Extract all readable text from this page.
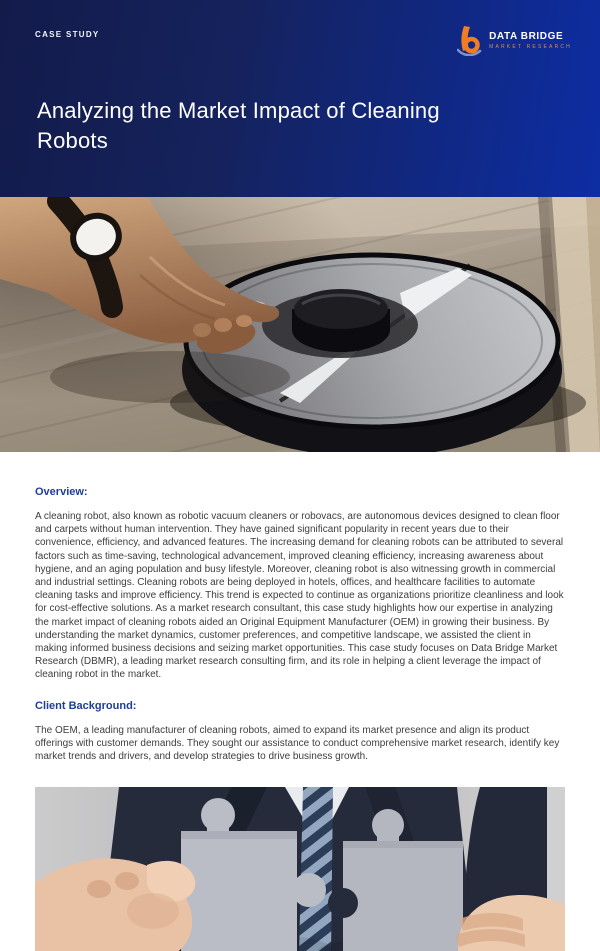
CASE STUDY	DATA BRIDGE
MARKET RESEARCH
Analyzing the Market Impact of Cleaning Robots
Overview:

A cleaning robot, also known as robotic vacuum cleaners or robovacs, are autonomous devices designed to clean floor and carpets without human intervention. They have gained significant popularity in recent years due to their convenience, efficiency, and advanced features. The increasing demand for cleaning robots can be attributed to several factors such as time-saving, technological advancement, improved cleaning efficiency, increasing awareness about hygiene, and an aging population and busy lifestyle. Moreover, cleaning robot is also witnessing growth in commercial and industrial settings. Cleaning robots are being deployed in hotels, offices, and healthcare facilities to automate cleaning tasks and improve efficiency. This trend is expected to continue as organizations prioritize cleanliness and look for cost-effective solutions. As a market research consultant, this case study highlights how our expertise in analyzing the market impact of cleaning robots aided an Original Equipment Manufacturer (OEM) in growing their business. By understanding the market dynamics, customer preferences, and competitive landscape, we assisted the client in making informed business decisions and seizing market opportunities. This case study focuses on Data Bridge Market Research (DBMR), a leading market research consulting firm, and its role in helping a client leverage the impact of cleaning robot in the market.

Client Background:

The OEM, a leading manufacturer of cleaning robots, aimed to expand its market presence and align its product offerings with customer demands. They sought our assistance to conduct comprehensive market research, identify key market trends and drivers, and develop strategies to drive business growth.
